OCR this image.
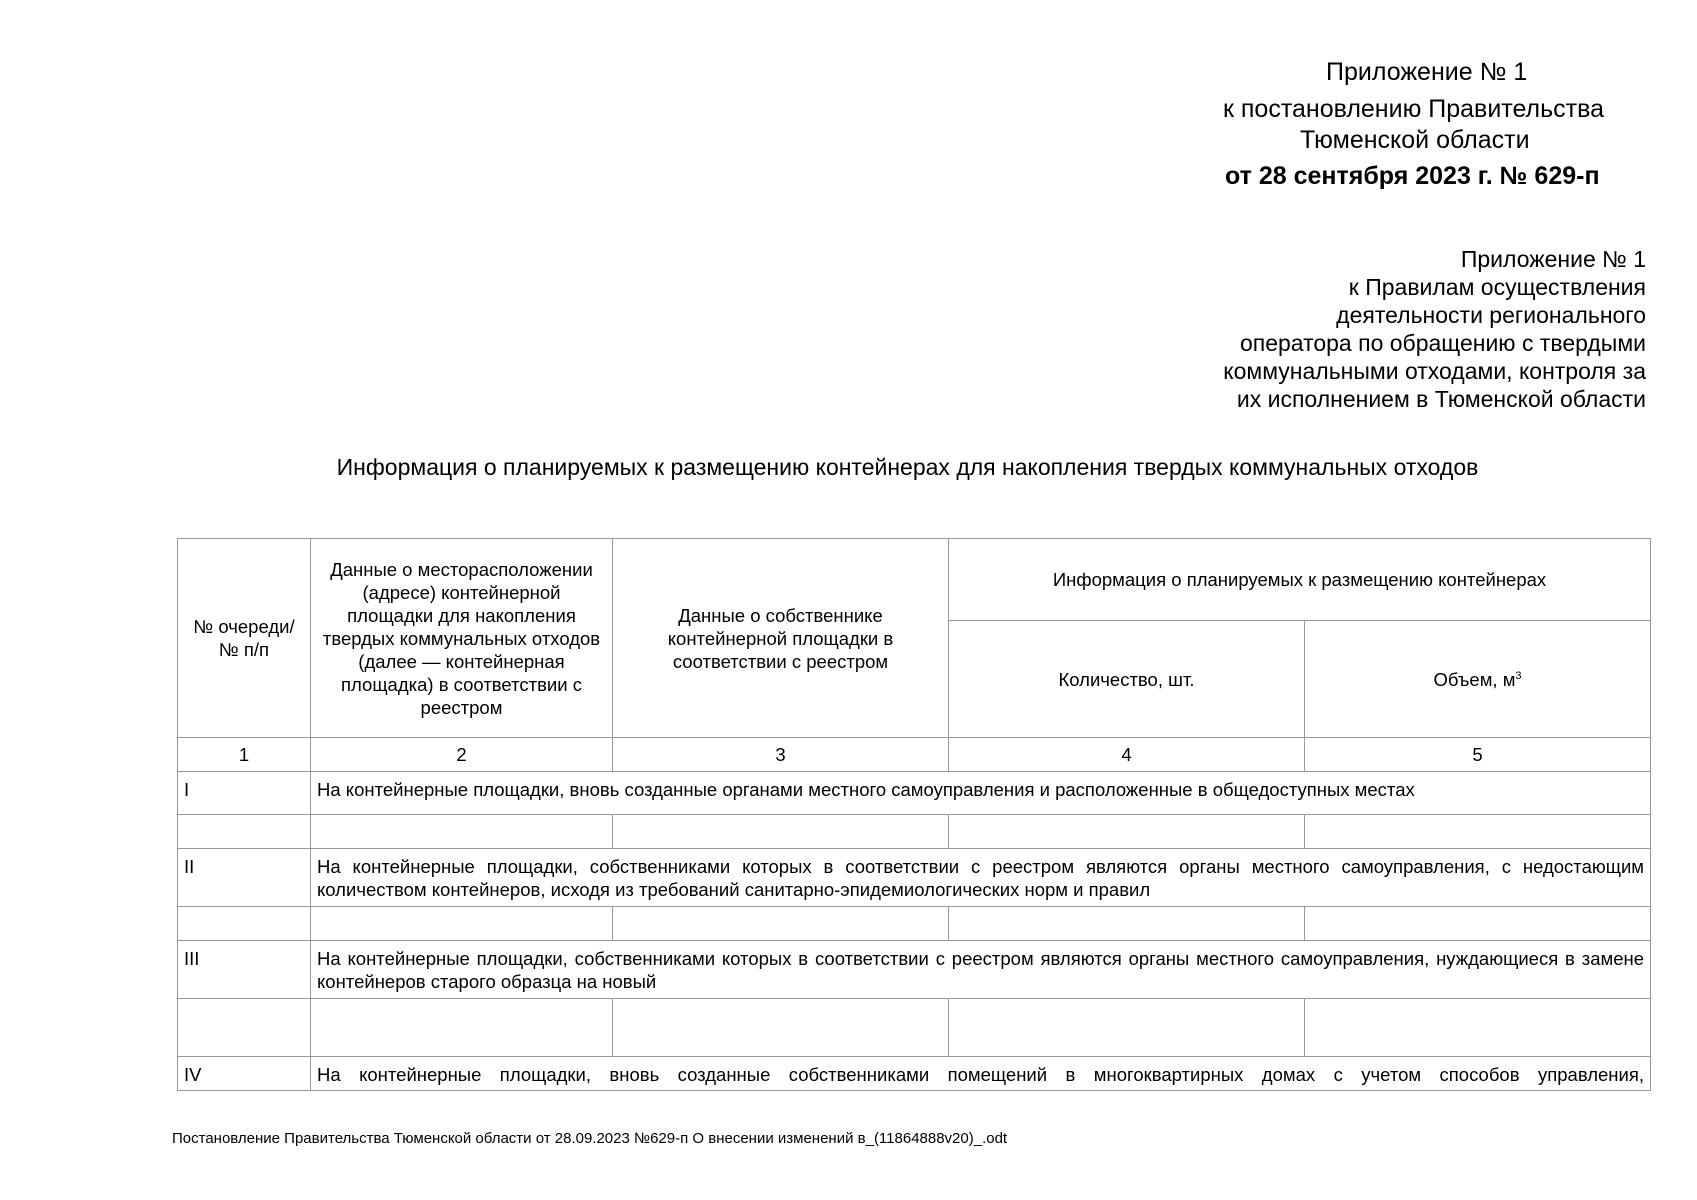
Приложение № 1
к постановлению Правительства
Тюменской области
от 28 сентября 2023 г. № 629-п
Приложение № 1
к Правилам осуществления
деятельности регионального
оператора по обращению с твердыми
коммунальными отходами, контроля за
их исполнением в Тюменской области
Информация о планируемых к размещению контейнерах для накопления твердых коммунальных отходов
№ очереди/ № п/п	Данные о месторасположении (адресе) контейнерной площадки для накопления твердых коммунальных отходов (далее — контейнерная площадка) в соответствии с реестром	Данные о собственнике контейнерной площадки в соответствии с реестром	Информация о планируемых к размещению контейнерах	
			Количество, шт.	Объем, $м^3$
1	2	3	4	5
I	На контейнерные площадки, вновь созданные органами местного самоуправления и расположенные в общедоступных местах			

II	На контейнерные площадки, собственниками которых в соответствии с реестром являются органы местного самоуправления, с недостающим количеством контейнеров, исходя из требований санитарно-эпидемиологических норм и правил			

III	На контейнерные площадки, собственниками которых в соответствии с реестром являются органы местного самоуправления, нуждающиеся в замене контейнеров старого образца на новый			

IV	На контейнерные площадки, вновь созданные собственниками помещений в многоквартирных домах с учетом способов управления,			
Постановление Правительства Тюменской области от 28.09.2023 №629-п О внесении изменений в_(11864888v20)_.odt
